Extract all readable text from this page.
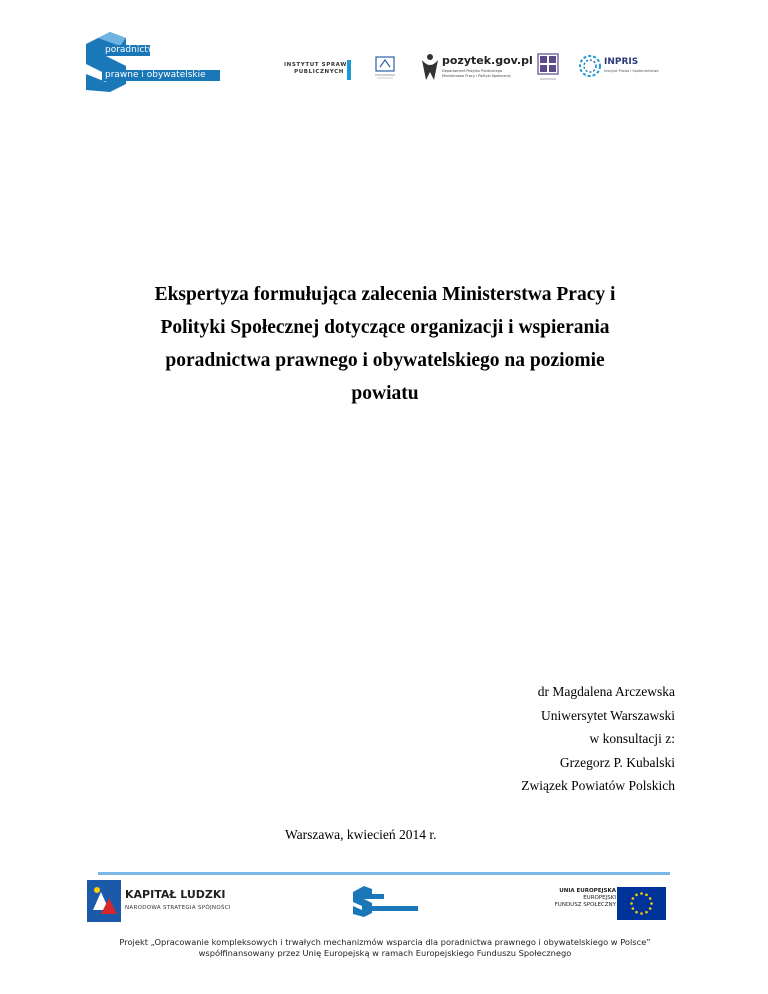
poradnictwo
prawne i obywatelskie
INSTYTUT SPRAW
PUBLICZNYCH
pozytek.gov.pl
Departament Pożytku Publicznego
Ministerstwo Pracy i Polityki Społecznej
INPRIS
Instytut Prawa i Społeczeństwa
Ekspertyza formułująca zalecenia Ministerstwa Pracy i
Polityki Społecznej dotyczące organizacji i wspierania
poradnictwa prawnego i obywatelskiego na poziomie
powiatu
dr Magdalena Arczewska
Uniwersytet Warszawski
w konsultacji z:
Grzegorz P. Kubalski
Związek Powiatów Polskich
Warszawa, kwiecień 2014 r.
KAPITAŁ LUDZKI
NARODOWA STRATEGIA SPÓJNOŚCI
UNIA EUROPEJSKA
EUROPEJSKI
FUNDUSZ SPOŁECZNY
Projekt „Opracowanie kompleksowych i trwałych mechanizmów wsparcia dla poradnictwa prawnego i obywatelskiego w Polsce”
współfinansowany przez Unię Europejską w ramach Europejskiego Funduszu Społecznego
